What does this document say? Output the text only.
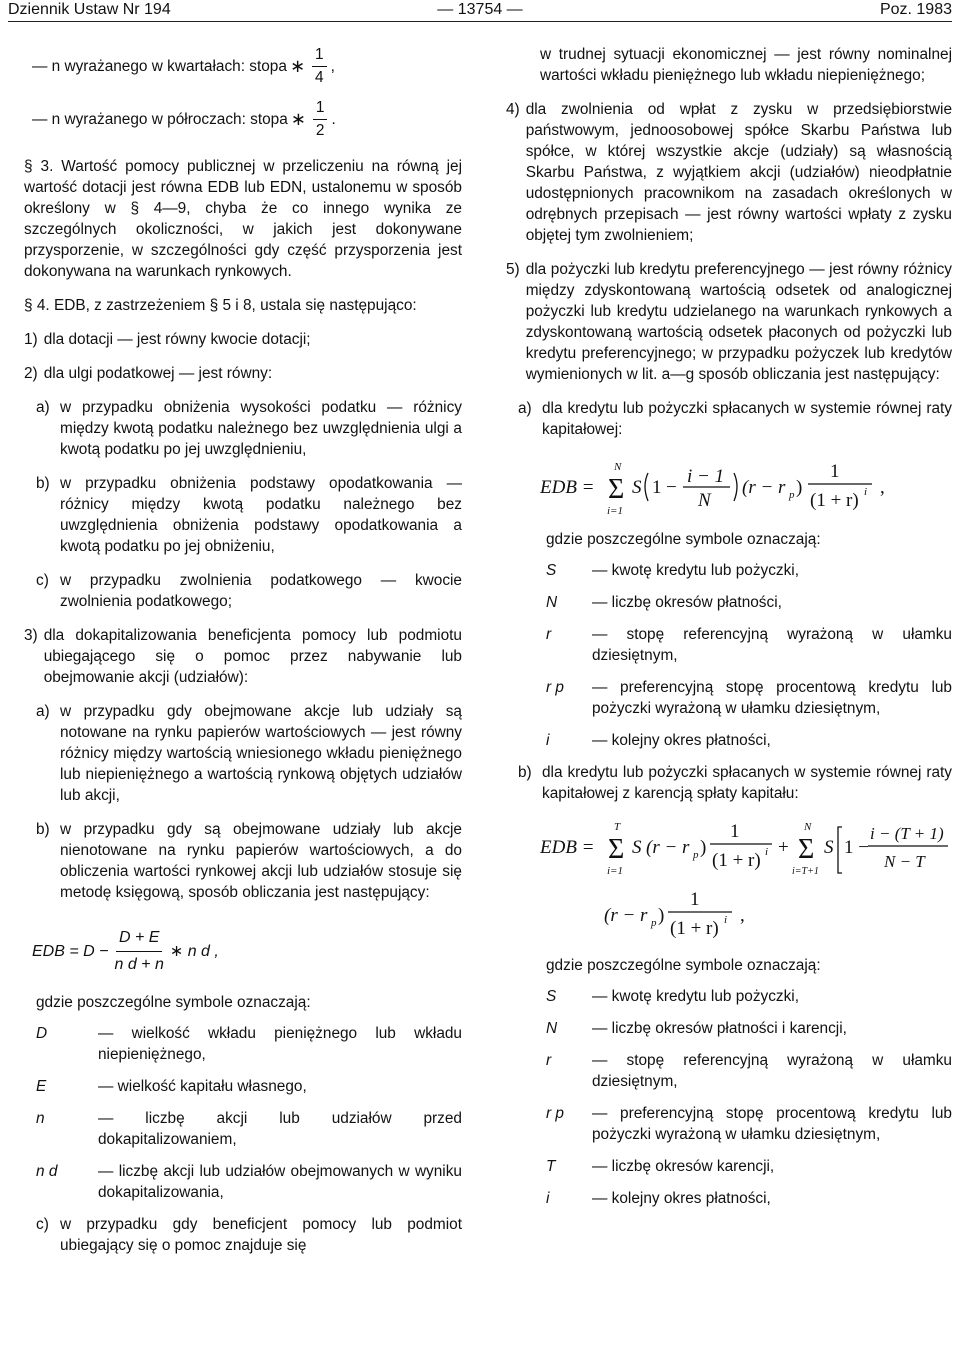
Dziennik Ustaw Nr 194	— 13754 —	Poz. 1983
— n wyrażanego w kwartałach: stopa ∗ $\frac{1}{4}$ ,
— n wyrażanego w półroczach: stopa ∗ $\frac{1}{2}$ .

§ 3. Wartość pomocy publicznej w przeliczeniu na równą jej wartość dotacji jest równa EDB lub EDN, ustalonemu w sposób określony w § 4—9, chyba że co innego wynika ze szczególnych okoliczności, w jakich jest dokonywane przysporzenie, w szczególności gdy część przysporzenia jest dokonywana na warunkach rynkowych.

§ 4. EDB, z zastrzeżeniem § 5 i 8, ustala się następująco:

1) dla dotacji — jest równy kwocie dotacji;
2) dla ulgi podatkowej — jest równy:
a) w przypadku obniżenia wysokości podatku — różnicy między kwotą podatku należnego bez uwzględnienia ulgi a kwotą podatku po jej uwzględnieniu,
b) w przypadku obniżenia podstawy opodatkowania — różnicy między kwotą podatku należnego bez uwzględnienia obniżenia podstawy opodatkowania a kwotą podatku po jej obniżeniu,
c) w przypadku zwolnienia podatkowego — kwocie zwolnienia podatkowego;
3) dla dokapitalizowania beneficjenta pomocy lub podmiotu ubiegającego się o pomoc przez nabywanie lub obejmowanie akcji (udziałów):
a) w przypadku gdy obejmowane akcje lub udziały są notowane na rynku papierów wartościowych — jest równy różnicy między wartością wniesionego wkładu pieniężnego lub niepieniężnego a wartością rynkową objętych udziałów lub akcji,
b) w przypadku gdy są obejmowane udziały lub akcje nienotowane na rynku papierów wartościowych, a do obliczenia wartości rynkowej akcji lub udziałów stosuje się metodę księgową, sposób obliczania jest następujący:
EDB = $D - \frac{D + E}{\text{n d + n}}$ ∗ n d ,

gdzie poszczególne symbole oznaczają:

D	— wielkość wkładu pieniężnego lub wkładu niepieniężnego,
E	— wielkość kapitału własnego,
n	— liczbę akcji lub udziałów przed dokapitalizowaniem,
n d	— liczbę akcji lub udziałów obejmowanych w wyniku dokapitalizowania,
c) w przypadku gdy beneficjent pomocy lub podmiot ubiegający się o pomoc znajduje się

w trudnej sytuacji ekonomicznej — jest równy nominalnej wartości wkładu pieniężnego lub wkładu niepieniężnego;

4) dla zwolnienia od wpłat z zysku w przedsiębiorstwie państwowym, jednoosobowej spółce Skarbu Państwa lub spółce, w której wszystkie akcje (udziały) są własnością Skarbu Państwa, z wyjątkiem akcji (udziałów) nieodpłatnie udostępnionych pracownikom na zasadach określonych w odrębnych przepisach — jest równy wartości wpłaty z zysku objętej tym zwolnieniem;
5) dla pożyczki lub kredytu preferencyjnego — jest równy różnicy między zdyskontowaną wartością odsetek od analogicznej pożyczki lub kredytu udzielanego na warunkach rynkowych a zdyskontowaną wartością odsetek płaconych od pożyczki lub kredytu preferencyjnego; w przypadku pożyczek lub kredytów wymienionych w lit. a—g sposób obliczania jest następujący:
a) dla kredytu lub pożyczki spłacanych w systemie równej raty kapitałowej:
EDB =
N
Σ
i=1
S 1 −
i − 1
N
(r − r p )
1
(1 + r) i ,

gdzie poszczególne symbole oznaczają:

S	— kwotę kredytu lub pożyczki,
N	— liczbę okresów płatności,
r	— stopę referencyjną wyrażoną w ułamku dziesiętnym,
r p	— preferencyjną stopę procentową kredytu lub pożyczki wyrażoną w ułamku dziesiętnym,
i	— kolejny okres płatności,
b) dla kredytu lub pożyczki spłacanych w systemie równej raty kapitałowej z karencją spłaty kapitału:
EDB =
T
Σ
i=1
S (r − r p )
1
(1 + r) i +
N
Σ
i=T+1
S 1 −
i − (T + 1)
N − T
(r − r p )
1
(1 + r) i ,

gdzie poszczególne symbole oznaczają:

S	— kwotę kredytu lub pożyczki,
N	— liczbę okresów płatności i karencji,
r	— stopę referencyjną wyrażoną w ułamku dziesiętnym,
r p	— preferencyjną stopę procentową kredytu lub pożyczki wyrażoną w ułamku dziesiętnym,
T	— liczbę okresów karencji,
i	— kolejny okres płatności,
